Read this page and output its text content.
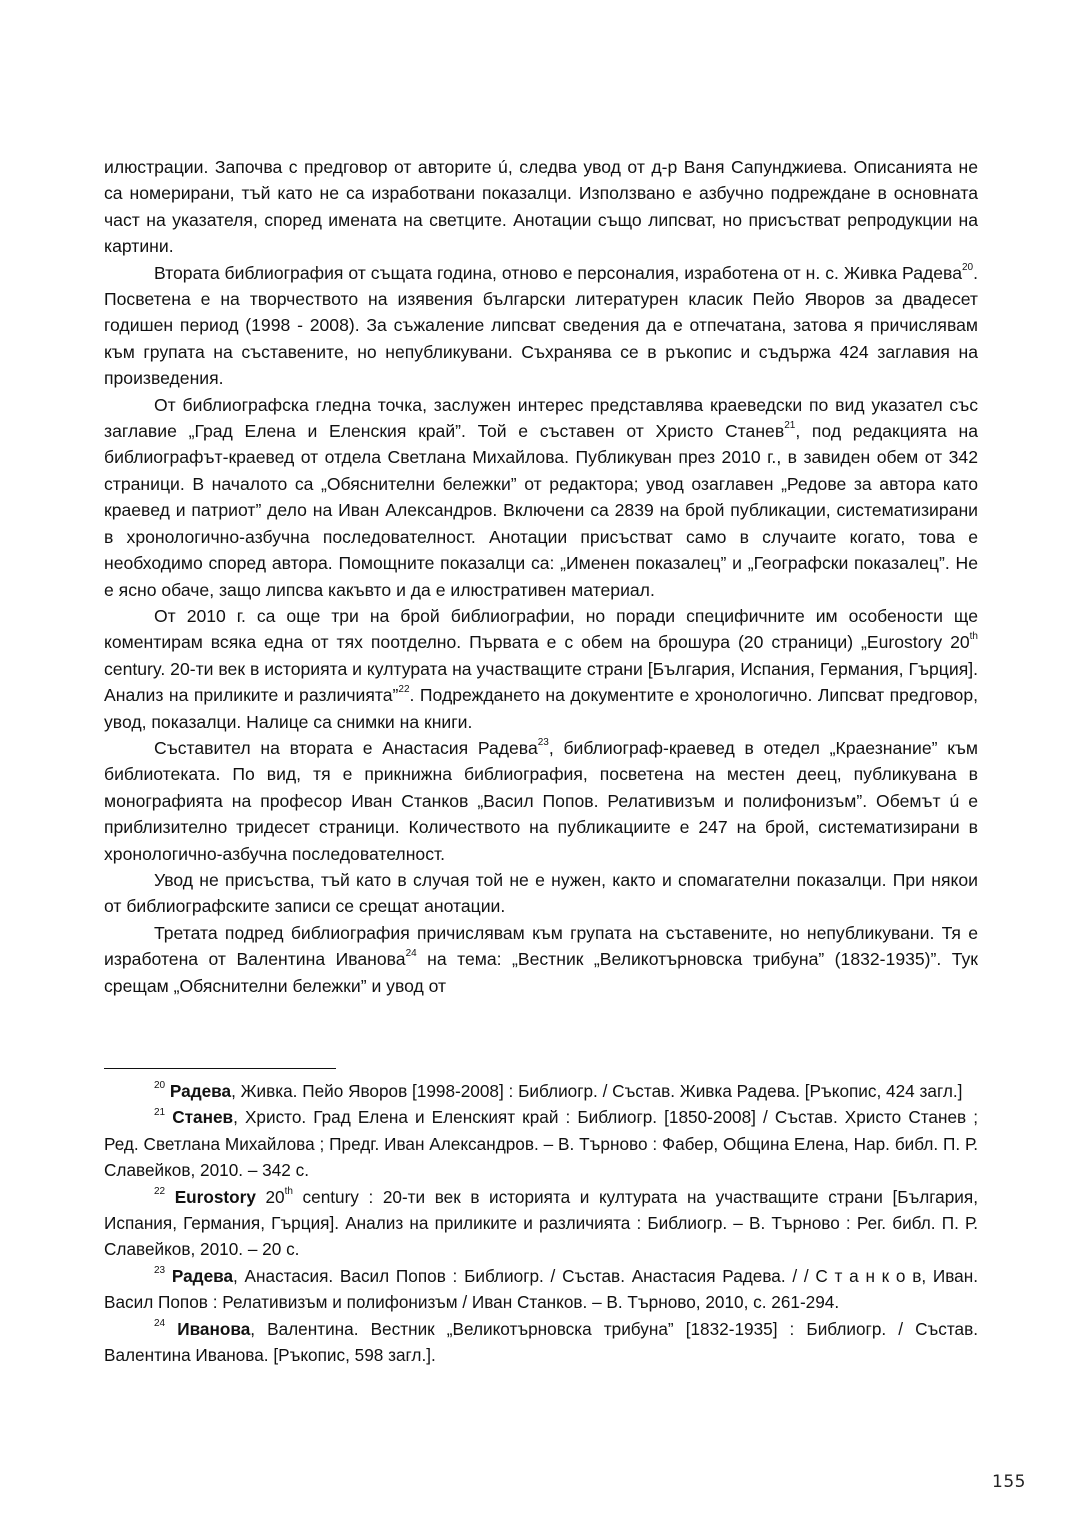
илюстрации. Започва с предговор от авторите ú, следва увод от д-р Ваня Сапунджиева. Описанията не са номерирани, тъй като не са изработвани показалци. Използвано е азбучно подреждане в основната част на указателя, според имената на светците. Анотации също липсват, но присъстват репродукции на картини.

Втората библиография от същата година, отново е персоналия, изработена от н. с. Живка Радева$^{20}$. Посветена е на творчеството на изявения български литературен класик Пейо Яворов за двадесет годишен период (1998 - 2008). За съжаление липсват сведения да е отпечатана, затова я причислявам към групата на съставените, но непубликувани. Съхранява се в ръкопис и съдържа 424 заглавия на произведения.

От библиографска гледна точка, заслужен интерес представлява краеведски по вид указател със заглавие „Град Елена и Еленския край”. Той е съставен от Христо Станев$^{21}$, под редакцията на библиографът-краевед от отдела Светлана Михайлова. Публикуван през 2010 г., в завиден обем от 342 страници. В началото са „Обяснителни бележки” от редактора; увод озаглавен „Редове за автора като краевед и патриот” дело на Иван Александров. Включени са 2839 на брой публикации, систематизирани в хронологично-азбучна последователност. Анотации присъстват само в случаите когато, това е необходимо според автора. Помощните показалци са: „Именен показалец” и „Географски показалец”. Не е ясно обаче, защо липсва какъвто и да е илюстративен материал.

От 2010 г. са още три на брой библиографии, но поради специфичните им особености ще коментирам всяка една от тях поотделно. Първата е с обем на брошура (20 страници) „Eurostory 20th century. 20-ти век в историята и културата на участващите страни [България, Испания, Германия, Гърция]. Анализ на приликите и различията”$^{22}$. Подреждането на документите е хронологично. Липсват предговор, увод, показалци. Налице са снимки на книги.

Съставител на втората е Анастасия Радева$^{23}$, библиограф-краевед в отедел „Краезнание” към библиотеката. По вид, тя е прикнижна библиография, посветена на местен деец, публикувана в монографията на професор Иван Станков „Васил Попов. Релативизъм и полифонизъм”. Обемът ú е приблизително тридесет страници. Количеството на публикациите е 247 на брой, систематизирани в хронологично-азбучна последователност.

Увод не присъства, тъй като в случая той не е нужен, както и спомагателни показалци. При някои от библиографските записи се срещат анотации.

Третата подред библиография причислявам към групата на съставените, но непубликувани. Тя е изработена от Валентина Иванова$^{24}$ на тема: „Вестник „Великотърновска трибуна” (1832-1935)”. Тук срещам „Обяснителни бележки” и увод от

$^{20}$ Радева, Живка. Пейо Яворов [1998-2008] : Библиогр. / Състав. Живка Радева. [Ръкопис, 424 загл.]

$^{21}$ Станев, Христо. Град Елена и Еленският край : Библиогр. [1850-2008] / Състав. Христо Станев ; Ред. Светлана Михайлова ; Предг. Иван Александров. – В. Търново : Фабер, Община Елена, Нар. библ. П. Р. Славейков, 2010. – 342 с.

$^{22}$ Eurostory 20th century : 20-ти век в историята и културата на участващите страни [България, Испания, Германия, Гърция]. Анализ на приликите и различията : Библиогр. – В. Търново : Рег. библ. П. Р. Славейков, 2010. – 20 с.

$^{23}$ Радева, Анастасия. Васил Попов : Библиогр. / Състав. Анастасия Радева. / / С т а н к о в, Иван. Васил Попов : Релативизъм и полифонизъм / Иван Станков. – В. Търново, 2010, с. 261-294.

$^{24}$ Иванова, Валентина. Вестник „Великотърновска трибуна” [1832-1935] : Библиогр. / Състав. Валентина Иванова. [Ръкопис, 598 загл.].

155
